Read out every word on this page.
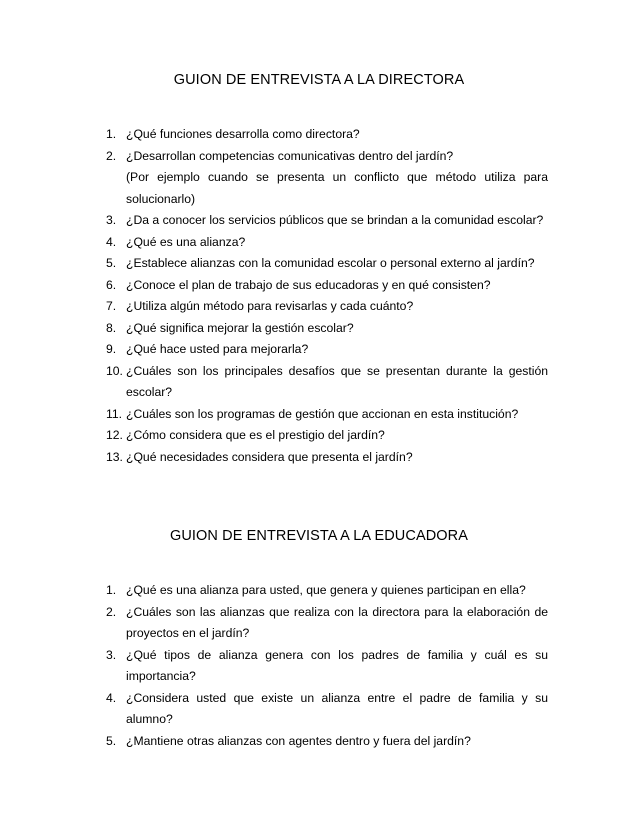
GUION DE ENTREVISTA A LA DIRECTORA
1. ¿Qué funciones desarrolla como directora?
2. ¿Desarrollan competencias comunicativas dentro del jardín?
(Por ejemplo cuando se presenta un conflicto que método utiliza para solucionarlo)
3. ¿Da a conocer los servicios públicos que se brindan a la comunidad escolar?
4. ¿Qué es una alianza?
5. ¿Establece alianzas con la comunidad escolar o personal externo al jardín?
6. ¿Conoce el plan de trabajo de sus educadoras y en qué consisten?
7. ¿Utiliza algún método para revisarlas y cada cuánto?
8. ¿Qué significa mejorar la gestión escolar?
9. ¿Qué hace usted para mejorarla?
10. ¿Cuáles son los principales desafíos que se presentan durante la gestión escolar?
11. ¿Cuáles son los programas de gestión que accionan en esta institución?
12. ¿Cómo considera que es el prestigio del jardín?
13. ¿Qué necesidades considera que presenta el jardín?
GUION DE ENTREVISTA A LA EDUCADORA
1. ¿Qué es una alianza para usted, que genera y quienes participan en ella?
2. ¿Cuáles son las alianzas que realiza con la directora para la elaboración de proyectos en el jardín?
3. ¿Qué tipos de alianza genera con los padres de familia y cuál es su importancia?
4. ¿Considera usted que existe un alianza entre el padre de familia y su alumno?
5. ¿Mantiene otras alianzas con agentes dentro y fuera del jardín?
